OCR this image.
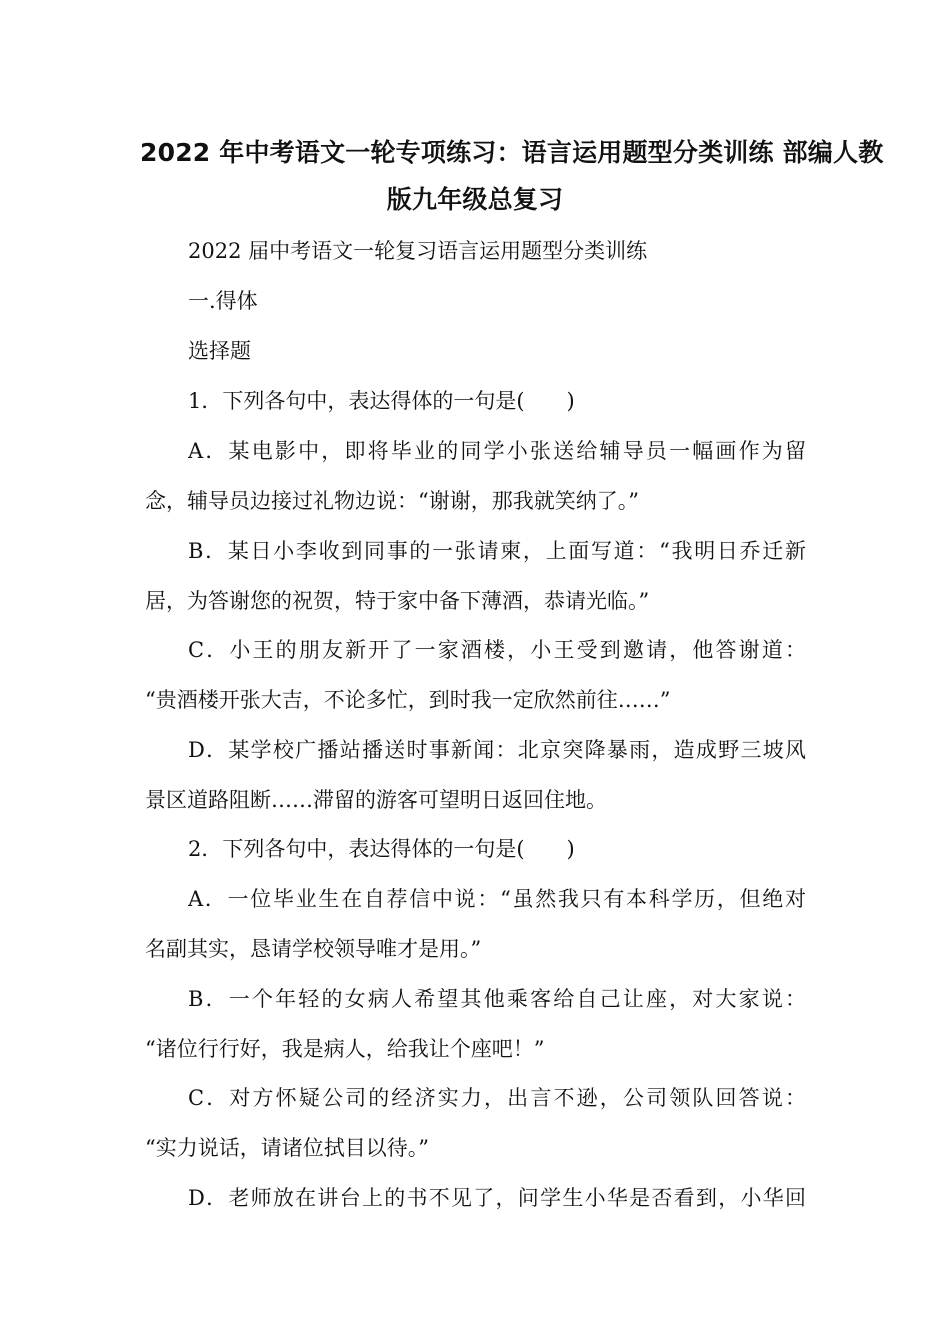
2022 年中考语文一轮专项练习：语言运用题型分类训练 部编人教
版九年级总复习
2022 届中考语文一轮复习语言运用题型分类训练
一.得体
选择题
1．下列各句中，表达得体的一句是(　　)
A．某电影中，即将毕业的同学小张送给辅导员一幅画作为留
念，辅导员边接过礼物边说：“谢谢，那我就笑纳了。”
B．某日小李收到同事的一张请柬，上面写道：“我明日乔迁新
居，为答谢您的祝贺，特于家中备下薄酒，恭请光临。”
C．小王的朋友新开了一家酒楼，小王受到邀请，他答谢道：
“贵酒楼开张大吉，不论多忙，到时我一定欣然前往……”
D．某学校广播站播送时事新闻：北京突降暴雨，造成野三坡风
景区道路阻断……滞留的游客可望明日返回住地。
2．下列各句中，表达得体的一句是(　　)
A．一位毕业生在自荐信中说：“虽然我只有本科学历，但绝对
名副其实，恳请学校领导唯才是用。”
B．一个年轻的女病人希望其他乘客给自己让座，对大家说：
“诸位行行好，我是病人，给我让个座吧！”
C．对方怀疑公司的经济实力，出言不逊，公司领队回答说：
“实力说话，请诸位拭目以待。”
D．老师放在讲台上的书不见了，问学生小华是否看到，小华回
